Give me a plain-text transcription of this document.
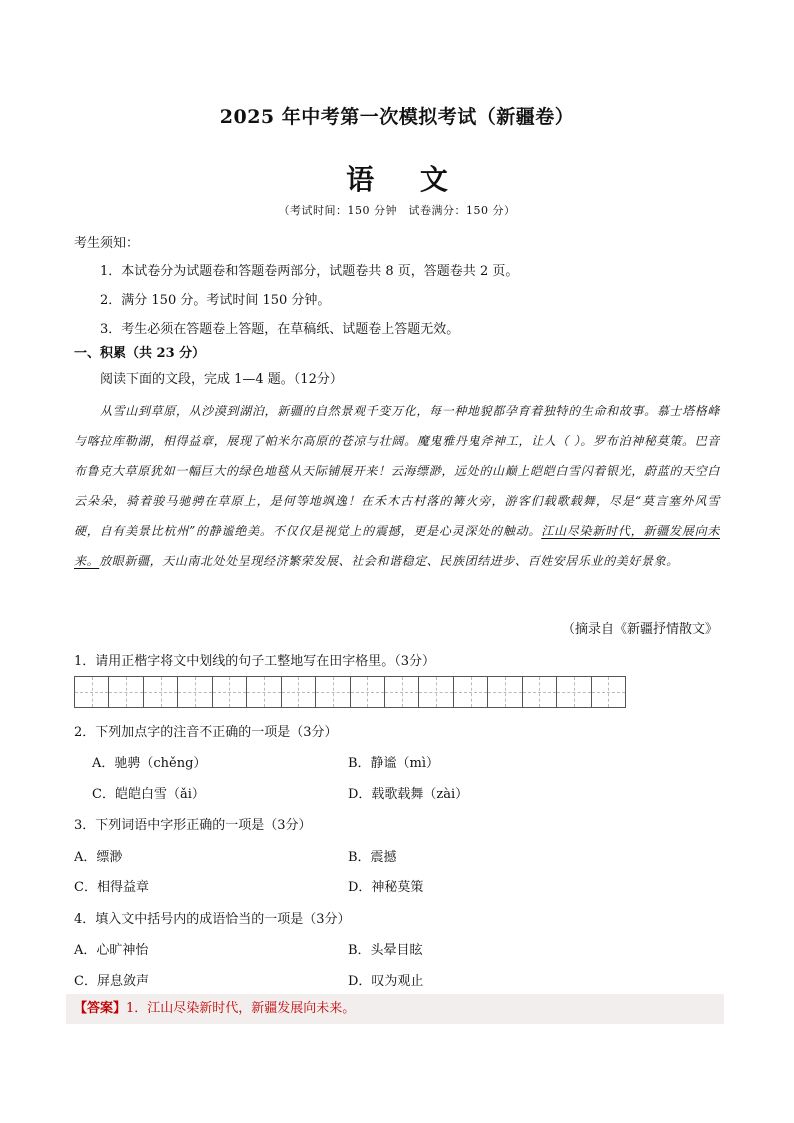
2025 年中考第一次模拟考试（新疆卷）
语 文
（考试时间：150 分钟　试卷满分：150 分）
考生须知：
1．本试卷分为试题卷和答题卷两部分，试题卷共 8 页，答题卷共 2 页。
2．满分 150 分。考试时间 150 分钟。
3．考生必须在答题卷上答题，在草稿纸、试题卷上答题无效。
一、积累（共 23 分）
阅读下面的文段，完成 1—4 题。（12分）
从雪山到草原，从沙漠到湖泊，新疆的自然景观千变万化，每一种地貌都孕育着独特的生命和故事。慕士塔格峰与喀拉库勒湖，相得益章，展现了帕米尔高原的苍凉与壮阔。魔鬼雅丹鬼斧神工，让人（ ）。罗布泊神秘莫策。巴音布鲁克大草原犹如一幅巨大的绿色地毯从天际铺展开来！云海缥渺，远处的山巅上皑皑白雪闪着银光，蔚蓝的天空白云朵朵，骑着骏马驰骋在草原上，是何等地飒逸！在禾木古村落的篝火旁，游客们载歌载舞，尽是“莫言塞外风雪硬，自有美景比杭州”的静谧绝美。不仅仅是视觉上的震撼，更是心灵深处的触动。江山尽染新时代，新疆发展向未来。放眼新疆，天山南北处处呈现经济繁荣发展、社会和谐稳定、民族团结进步、百姓安居乐业的美好景象。
（摘录自《新疆抒情散文》
1．请用正楷字将文中划线的句子工整地写在田字格里。（3分）
2．下列加点字的注音不正确的一项是（3分）
A．驰骋（chěng）	B．静谧（mì）
C．皑皑白雪（ǎi）	D．载歌载舞（zài）
3．下列词语中字形正确的一项是（3分）
A．缥渺	B．震撼
C．相得益章	D．神秘莫策
4．填入文中括号内的成语恰当的一项是（3分）
A．心旷神怡	B．头晕目眩
C．屏息敛声	D．叹为观止
【答案】1．江山尽染新时代，新疆发展向未来。
